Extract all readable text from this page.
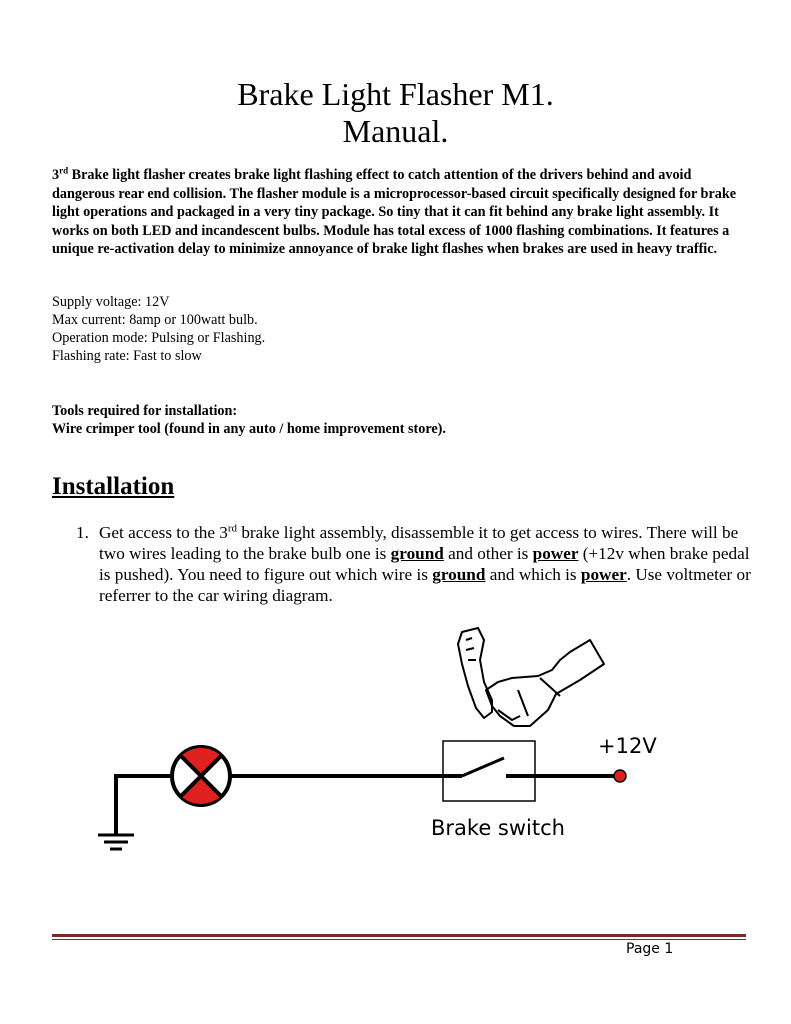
Brake Light Flasher M1.
Manual.
3rd Brake light flasher creates brake light flashing effect to catch attention of the drivers behind and avoid dangerous rear end collision. The flasher module is a microprocessor-based circuit specifically designed for brake light operations and packaged in a very tiny package. So tiny that it can fit behind any brake light assembly. It works on both LED and incandescent bulbs. Module has total excess of 1000 flashing combinations. It features a unique re-activation delay to minimize annoyance of brake light flashes when brakes are used in heavy traffic.
Supply voltage: 12V
Max current: 8amp or 100watt bulb.
Operation mode: Pulsing or Flashing.
Flashing rate: Fast to slow
Tools required for installation:
Wire crimper tool (found in any auto / home improvement store).
Installation
1. Get access to the 3rd brake light assembly, disassemble it to get access to wires. There will be two wires leading to the brake bulb one is ground and other is power (+12v when brake pedal is pushed). You need to figure out which wire is ground and which is power. Use voltmeter or referrer to the car wiring diagram.
+12V
Brake switch
Page 1
